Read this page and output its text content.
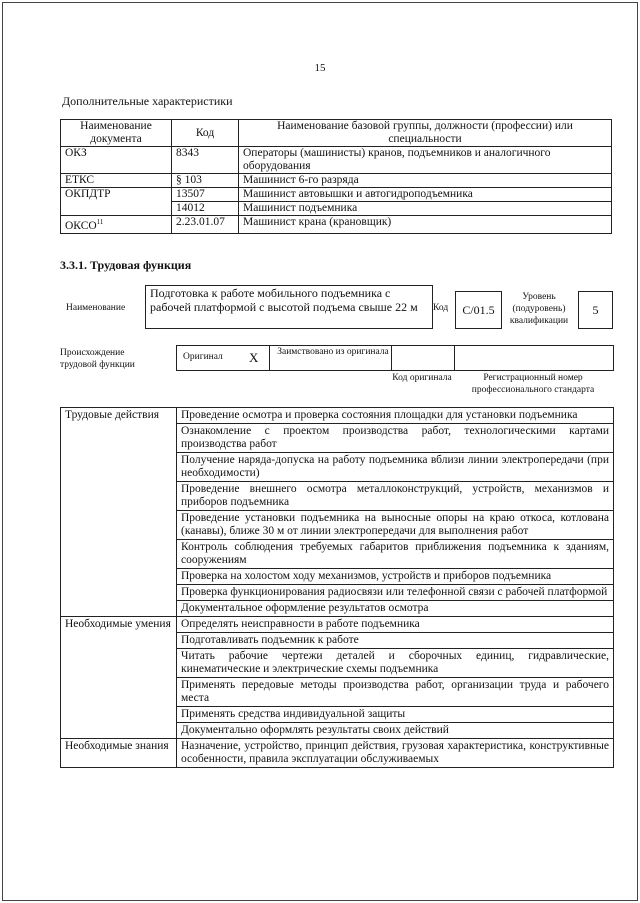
15
Дополнительные характеристики
Наименование документа	Код	Наименование базовой группы, должности (профессии) или специальности
ОКЗ	8343	Операторы (машинисты) кранов, подъемников и аналогичного оборудования
ЕТКС	§ 103	Машинист 6-го разряда
ОКПДТР	13507	Машинист автовышки и автогидроподъемника
	14012	Машинист подъемника
ОКСО$^{11}$	2.23.01.07	Машинист крана (крановщик)
3.3.1. Трудовая функция
Наименование
Подготовка к работе мобильного подъемника с рабочей платформой с высотой подъема свыше 22 м	Код	С/01.5
Уровень (подуровень) квалификации
5
Происхождение трудовой функции
Оригинал X	Заимствовано из оригинала
Код оригинала	Регистрационный номер профессионального стандарта
Трудовые действия	Проведение осмотра и проверка состояния площадки для установки подъемника
	Ознакомление с проектом производства работ, технологическими картами производства работ
	Получение наряда-допуска на работу подъемника вблизи линии электропередачи (при необходимости)
	Проведение внешнего осмотра металлоконструкций, устройств, механизмов и приборов подъемника
	Проведение установки подъемника на выносные опоры на краю откоса, котлована (канавы), ближе 30 м от линии электропередачи для выполнения работ
	Контроль соблюдения требуемых габаритов приближения подъемника к зданиям, сооружениям
	Проверка на холостом ходу механизмов, устройств и приборов подъемника
	Проверка функционирования радиосвязи или телефонной связи с рабочей платформой
	Документальное оформление результатов осмотра
Необходимые умения	Определять неисправности в работе подъемника
	Подготавливать подъемник к работе
	Читать рабочие чертежи деталей и сборочных единиц, гидравлические, кинематические и электрические схемы подъемника
	Применять передовые методы производства работ, организации труда и рабочего места
	Применять средства индивидуальной защиты
	Документально оформлять результаты своих действий
Необходимые знания	Назначение, устройство, принцип действия, грузовая характеристика, конструктивные особенности, правила эксплуатации обслуживаемых
